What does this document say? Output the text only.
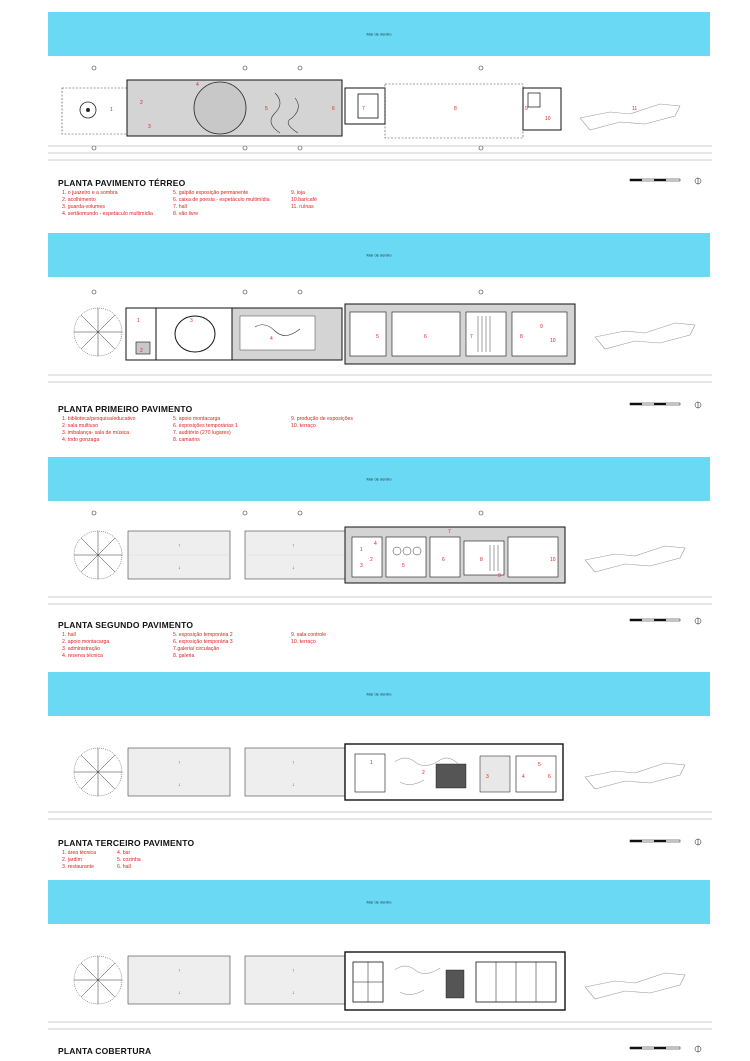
Mar de dentro
1
2
3
4
5	6	7	8	9
10
11
PLANTA PAVIMENTO TÉRREO
1. o juazeiro e a sombra
2. acolhimento
3. guarda-volumes
4. sertãomundo - espetáculo multimídia
5. galpão exposição permanente
6. caixa de poesia - espetáculo multimídia
7. hall
8. vão livre
9. loja
10.bar/café
11. ruínas
Mar de dentro
1
2
3
4	5	6	7	8
9
10
PLANTA PRIMEIRO PAVIMENTO
1. biblioteca/pesquisa/educativo
2. sala multiuso
3. imbalança- sala de música
4. todo gonzaga
5. apoio montacarga
6. exposições temporárias 1
7. auditório (270 lugares)
8. camarins
9. produção de exposições
10. terraço
Mar de dentro
↑
↓
↑
↓
1
2
3
4
5
6
7
8
9
10
PLANTA SEGUNDO PAVIMENTO
1. hall
2. apoio montacarga
3. administração
4. reserva técnica
5. exposição temporária 2
6. exposição temporária 3
7.galeria/ circulação
8. galeria
9. sala controle
10. terraço
Mar de dentro
↑
↓
↑
↓
1
2
3	4
5
6
PLANTA TERCEIRO PAVIMENTO
1. área técnica
2. jardim
3. restaurante
4. bar
5. cozinha
6. hall
Mar de dentro
↑
↓
↑
↓
PLANTA COBERTURA
